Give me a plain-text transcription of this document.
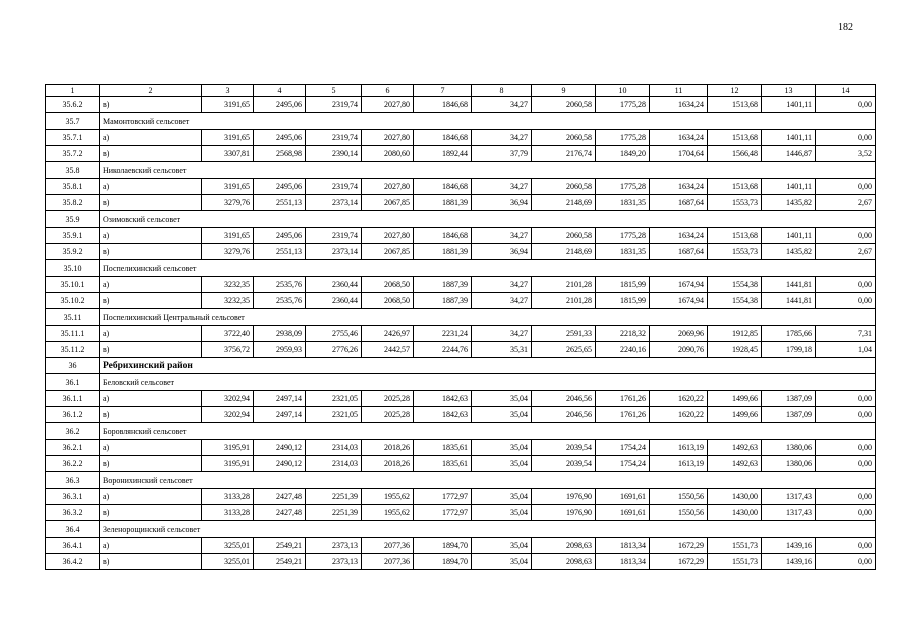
182
1	2	3	4	5	6	7	8	9	10	11	12	13	14
35.6.2	в)	3191,65	2495,06	2319,74	2027,80	1846,68	34,27	2060,58	1775,28	1634,24	1513,68	1401,11	0,00
35.7	Мамонтовский сельсовет												
35.7.1	а)	3191,65	2495,06	2319,74	2027,80	1846,68	34,27	2060,58	1775,28	1634,24	1513,68	1401,11	0,00
35.7.2	в)	3307,81	2568,98	2390,14	2080,60	1892,44	37,79	2176,74	1849,20	1704,64	1566,48	1446,87	3,52
35.8	Николаевский сельсовет												
35.8.1	а)	3191,65	2495,06	2319,74	2027,80	1846,68	34,27	2060,58	1775,28	1634,24	1513,68	1401,11	0,00
35.8.2	в)	3279,76	2551,13	2373,14	2067,85	1881,39	36,94	2148,69	1831,35	1687,64	1553,73	1435,82	2,67
35.9	Озимовский сельсовет												
35.9.1	а)	3191,65	2495,06	2319,74	2027,80	1846,68	34,27	2060,58	1775,28	1634,24	1513,68	1401,11	0,00
35.9.2	в)	3279,76	2551,13	2373,14	2067,85	1881,39	36,94	2148,69	1831,35	1687,64	1553,73	1435,82	2,67
35.10	Поспелихинский сельсовет												
35.10.1	а)	3232,35	2535,76	2360,44	2068,50	1887,39	34,27	2101,28	1815,99	1674,94	1554,38	1441,81	0,00
35.10.2	в)	3232,35	2535,76	2360,44	2068,50	1887,39	34,27	2101,28	1815,99	1674,94	1554,38	1441,81	0,00
35.11	Поспелихинский Центральный сельсовет												
35.11.1	а)	3722,40	2938,09	2755,46	2426,97	2231,24	34,27	2591,33	2218,32	2069,96	1912,85	1785,66	7,31
35.11.2	в)	3756,72	2959,93	2776,26	2442,57	2244,76	35,31	2625,65	2240,16	2090,76	1928,45	1799,18	1,04
36	Ребрихинский район												
36.1	Беловский сельсовет												
36.1.1	а)	3202,94	2497,14	2321,05	2025,28	1842,63	35,04	2046,56	1761,26	1620,22	1499,66	1387,09	0,00
36.1.2	в)	3202,94	2497,14	2321,05	2025,28	1842,63	35,04	2046,56	1761,26	1620,22	1499,66	1387,09	0,00
36.2	Боровлянский сельсовет												
36.2.1	а)	3195,91	2490,12	2314,03	2018,26	1835,61	35,04	2039,54	1754,24	1613,19	1492,63	1380,06	0,00
36.2.2	в)	3195,91	2490,12	2314,03	2018,26	1835,61	35,04	2039,54	1754,24	1613,19	1492,63	1380,06	0,00
36.3	Воронихинский сельсовет												
36.3.1	а)	3133,28	2427,48	2251,39	1955,62	1772,97	35,04	1976,90	1691,61	1550,56	1430,00	1317,43	0,00
36.3.2	в)	3133,28	2427,48	2251,39	1955,62	1772,97	35,04	1976,90	1691,61	1550,56	1430,00	1317,43	0,00
36.4	Зеленорощинский сельсовет												
36.4.1	а)	3255,01	2549,21	2373,13	2077,36	1894,70	35,04	2098,63	1813,34	1672,29	1551,73	1439,16	0,00
36.4.2	в)	3255,01	2549,21	2373,13	2077,36	1894,70	35,04	2098,63	1813,34	1672,29	1551,73	1439,16	0,00
